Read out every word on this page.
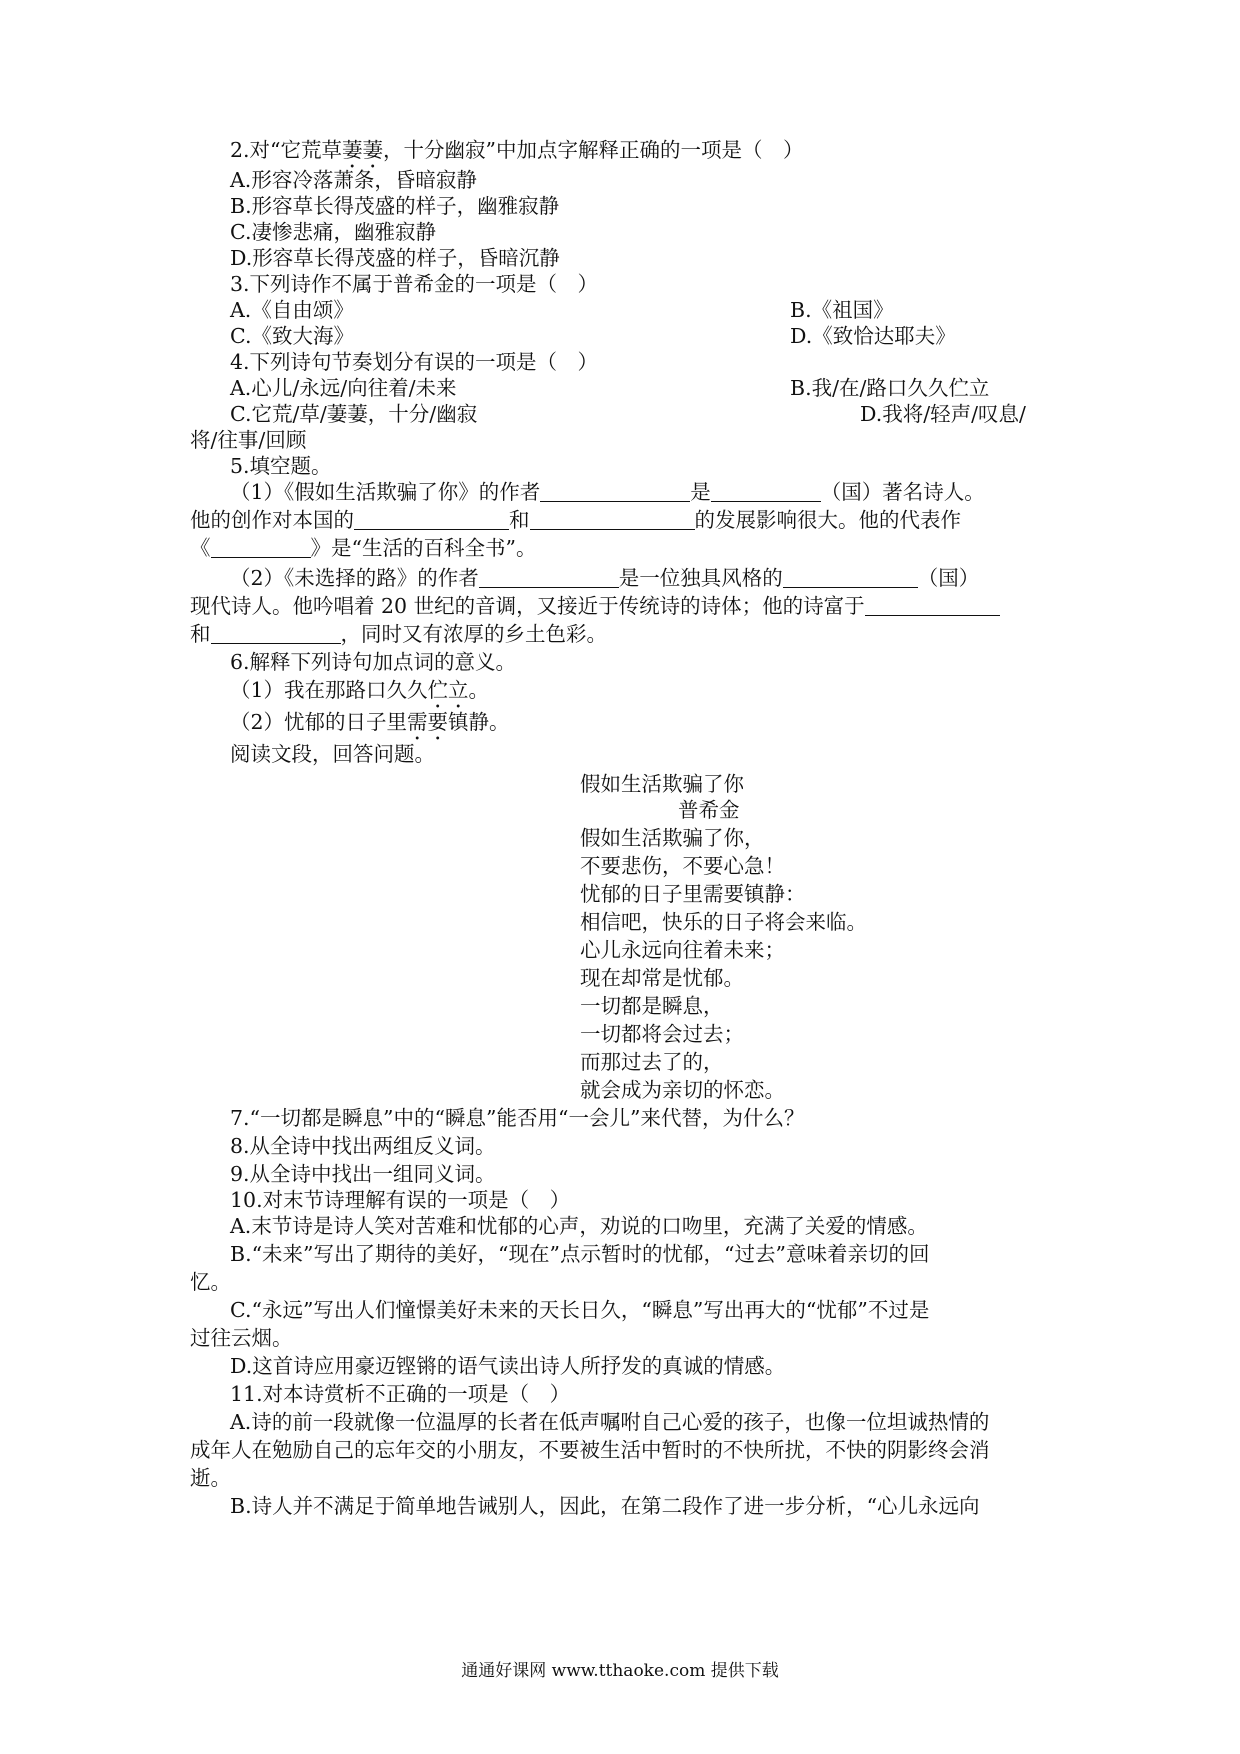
2.对“它荒草萋萋，十分幽寂”中加点字解释正确的一项是（　）
A.形容冷落萧条，昏暗寂静
B.形容草长得茂盛的样子，幽雅寂静
C.凄惨悲痛，幽雅寂静
D.形容草长得茂盛的样子，昏暗沉静
3.下列诗作不属于普希金的一项是（　）
A.《自由颂》	B.《祖国》
C.《致大海》	D.《致恰达耶夫》
4.下列诗句节奏划分有误的一项是（　）
A.心儿/永远/向往着/未来	B.我/在/路口久久伫立
C.它荒/草/萋萋，十分/幽寂	D.我将/轻声/叹息/
将/往事/回顾
5.填空题。
（1）《假如生活欺骗了你》的作者	是	（国）著名诗人。
他的创作对本国的	和	的发展影响很大。他的代表作
《	》是“生活的百科全书”。
（2）《未选择的路》的作者	是一位独具风格的	（国）
现代诗人。他吟唱着 20 世纪的音调，又接近于传统诗的诗体；他的诗富于
和	，同时又有浓厚的乡土色彩。
6.解释下列诗句加点词的意义。
（1）我在那路口久久伫立。
（2）忧郁的日子里需要镇静。
阅读文段，回答问题。
假如生活欺骗了你
普希金
假如生活欺骗了你，
不要悲伤，不要心急！
忧郁的日子里需要镇静：
相信吧，快乐的日子将会来临。
心儿永远向往着未来；
现在却常是忧郁。
一切都是瞬息，
一切都将会过去；
而那过去了的，
就会成为亲切的怀恋。
7.“一切都是瞬息”中的“瞬息”能否用“一会儿”来代替，为什么？
8.从全诗中找出两组反义词。
9.从全诗中找出一组同义词。
10.对末节诗理解有误的一项是（　）
A.末节诗是诗人笑对苦难和忧郁的心声，劝说的口吻里，充满了关爱的情感。
B.“未来”写出了期待的美好，“现在”点示暂时的忧郁，“过去”意味着亲切的回
忆。
C.“永远”写出人们憧憬美好未来的天长日久，“瞬息”写出再大的“忧郁”不过是
过往云烟。
D.这首诗应用豪迈铿锵的语气读出诗人所抒发的真诚的情感。
11.对本诗赏析不正确的一项是（　）
A.诗的前一段就像一位温厚的长者在低声嘱咐自己心爱的孩子，也像一位坦诚热情的
成年人在勉励自己的忘年交的小朋友，不要被生活中暂时的不快所扰，不快的阴影终会消
逝。
B.诗人并不满足于简单地告诫别人，因此，在第二段作了进一步分析，“心儿永远向
通通好课网 www.tthaoke.com 提供下载
